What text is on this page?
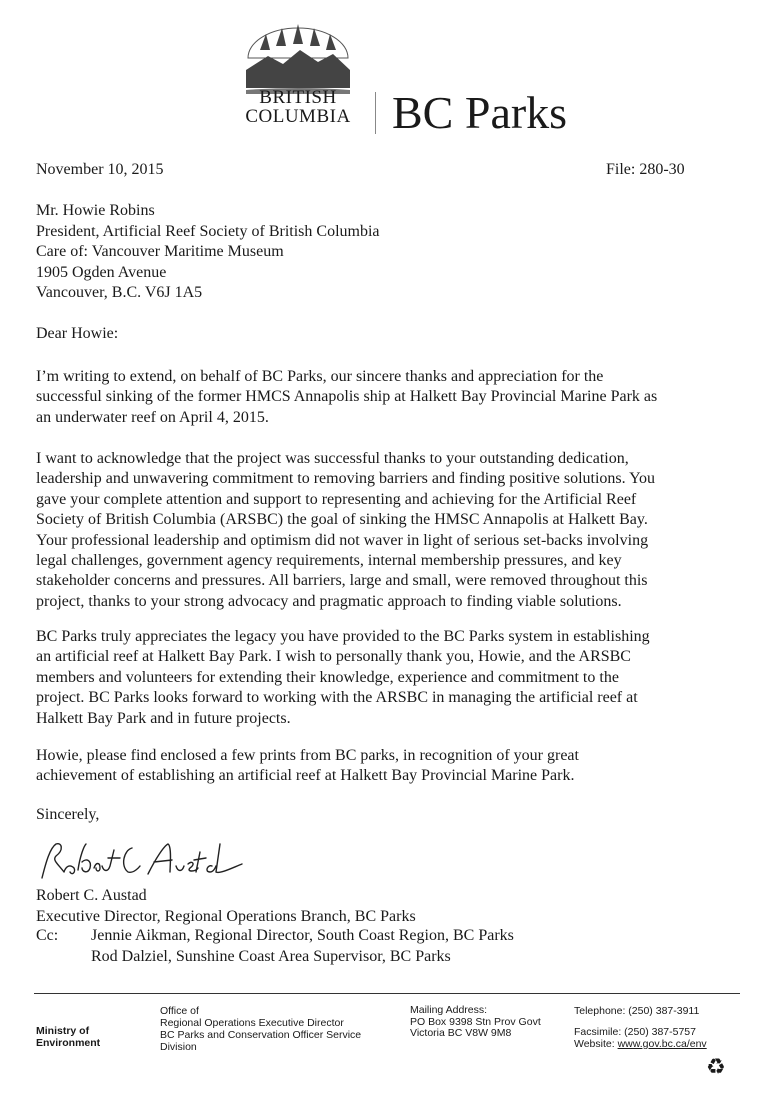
BRITISH
COLUMBIA BC Parks
November 10, 2015	File: 280-30
Mr. Howie Robins
President, Artificial Reef Society of British Columbia
Care of: Vancouver Maritime Museum
1905 Ogden Avenue
Vancouver, B.C. V6J 1A5
Dear Howie:
I’m writing to extend, on behalf of BC Parks, our sincere thanks and appreciation for the
successful sinking of the former HMCS Annapolis ship at Halkett Bay Provincial Marine Park as
an underwater reef on April 4, 2015.
I want to acknowledge that the project was successful thanks to your outstanding dedication,
leadership and unwavering commitment to removing barriers and finding positive solutions. You
gave your complete attention and support to representing and achieving for the Artificial Reef
Society of British Columbia (ARSBC) the goal of sinking the HMSC Annapolis at Halkett Bay.
Your professional leadership and optimism did not waver in light of serious set-backs involving
legal challenges, government agency requirements, internal membership pressures, and key
stakeholder concerns and pressures. All barriers, large and small, were removed throughout this
project, thanks to your strong advocacy and pragmatic approach to finding viable solutions.
BC Parks truly appreciates the legacy you have provided to the BC Parks system in establishing
an artificial reef at Halkett Bay Park. I wish to personally thank you, Howie, and the ARSBC
members and volunteers for extending their knowledge, experience and commitment to the
project. BC Parks looks forward to working with the ARSBC in managing the artificial reef at
Halkett Bay Park and in future projects.
Howie, please find enclosed a few prints from BC parks, in recognition of your great
achievement of establishing an artificial reef at Halkett Bay Provincial Marine Park.
Sincerely,
Robert C. Austad
Executive Director, Regional Operations Branch, BC Parks
Cc: Jennie Aikman, Regional Director, South Coast Region, BC Parks
Rod Dalziel, Sunshine Coast Area Supervisor, BC Parks
Ministry of
Environment
Office of
Regional Operations Executive Director
BC Parks and Conservation Officer Service
Division
Mailing Address:
PO Box 9398 Stn Prov Govt
Victoria BC V8W 9M8
Telephone: (250) 387-3911
Facsimile: (250) 387-5757
Website: www.gov.bc.ca/env
♻
